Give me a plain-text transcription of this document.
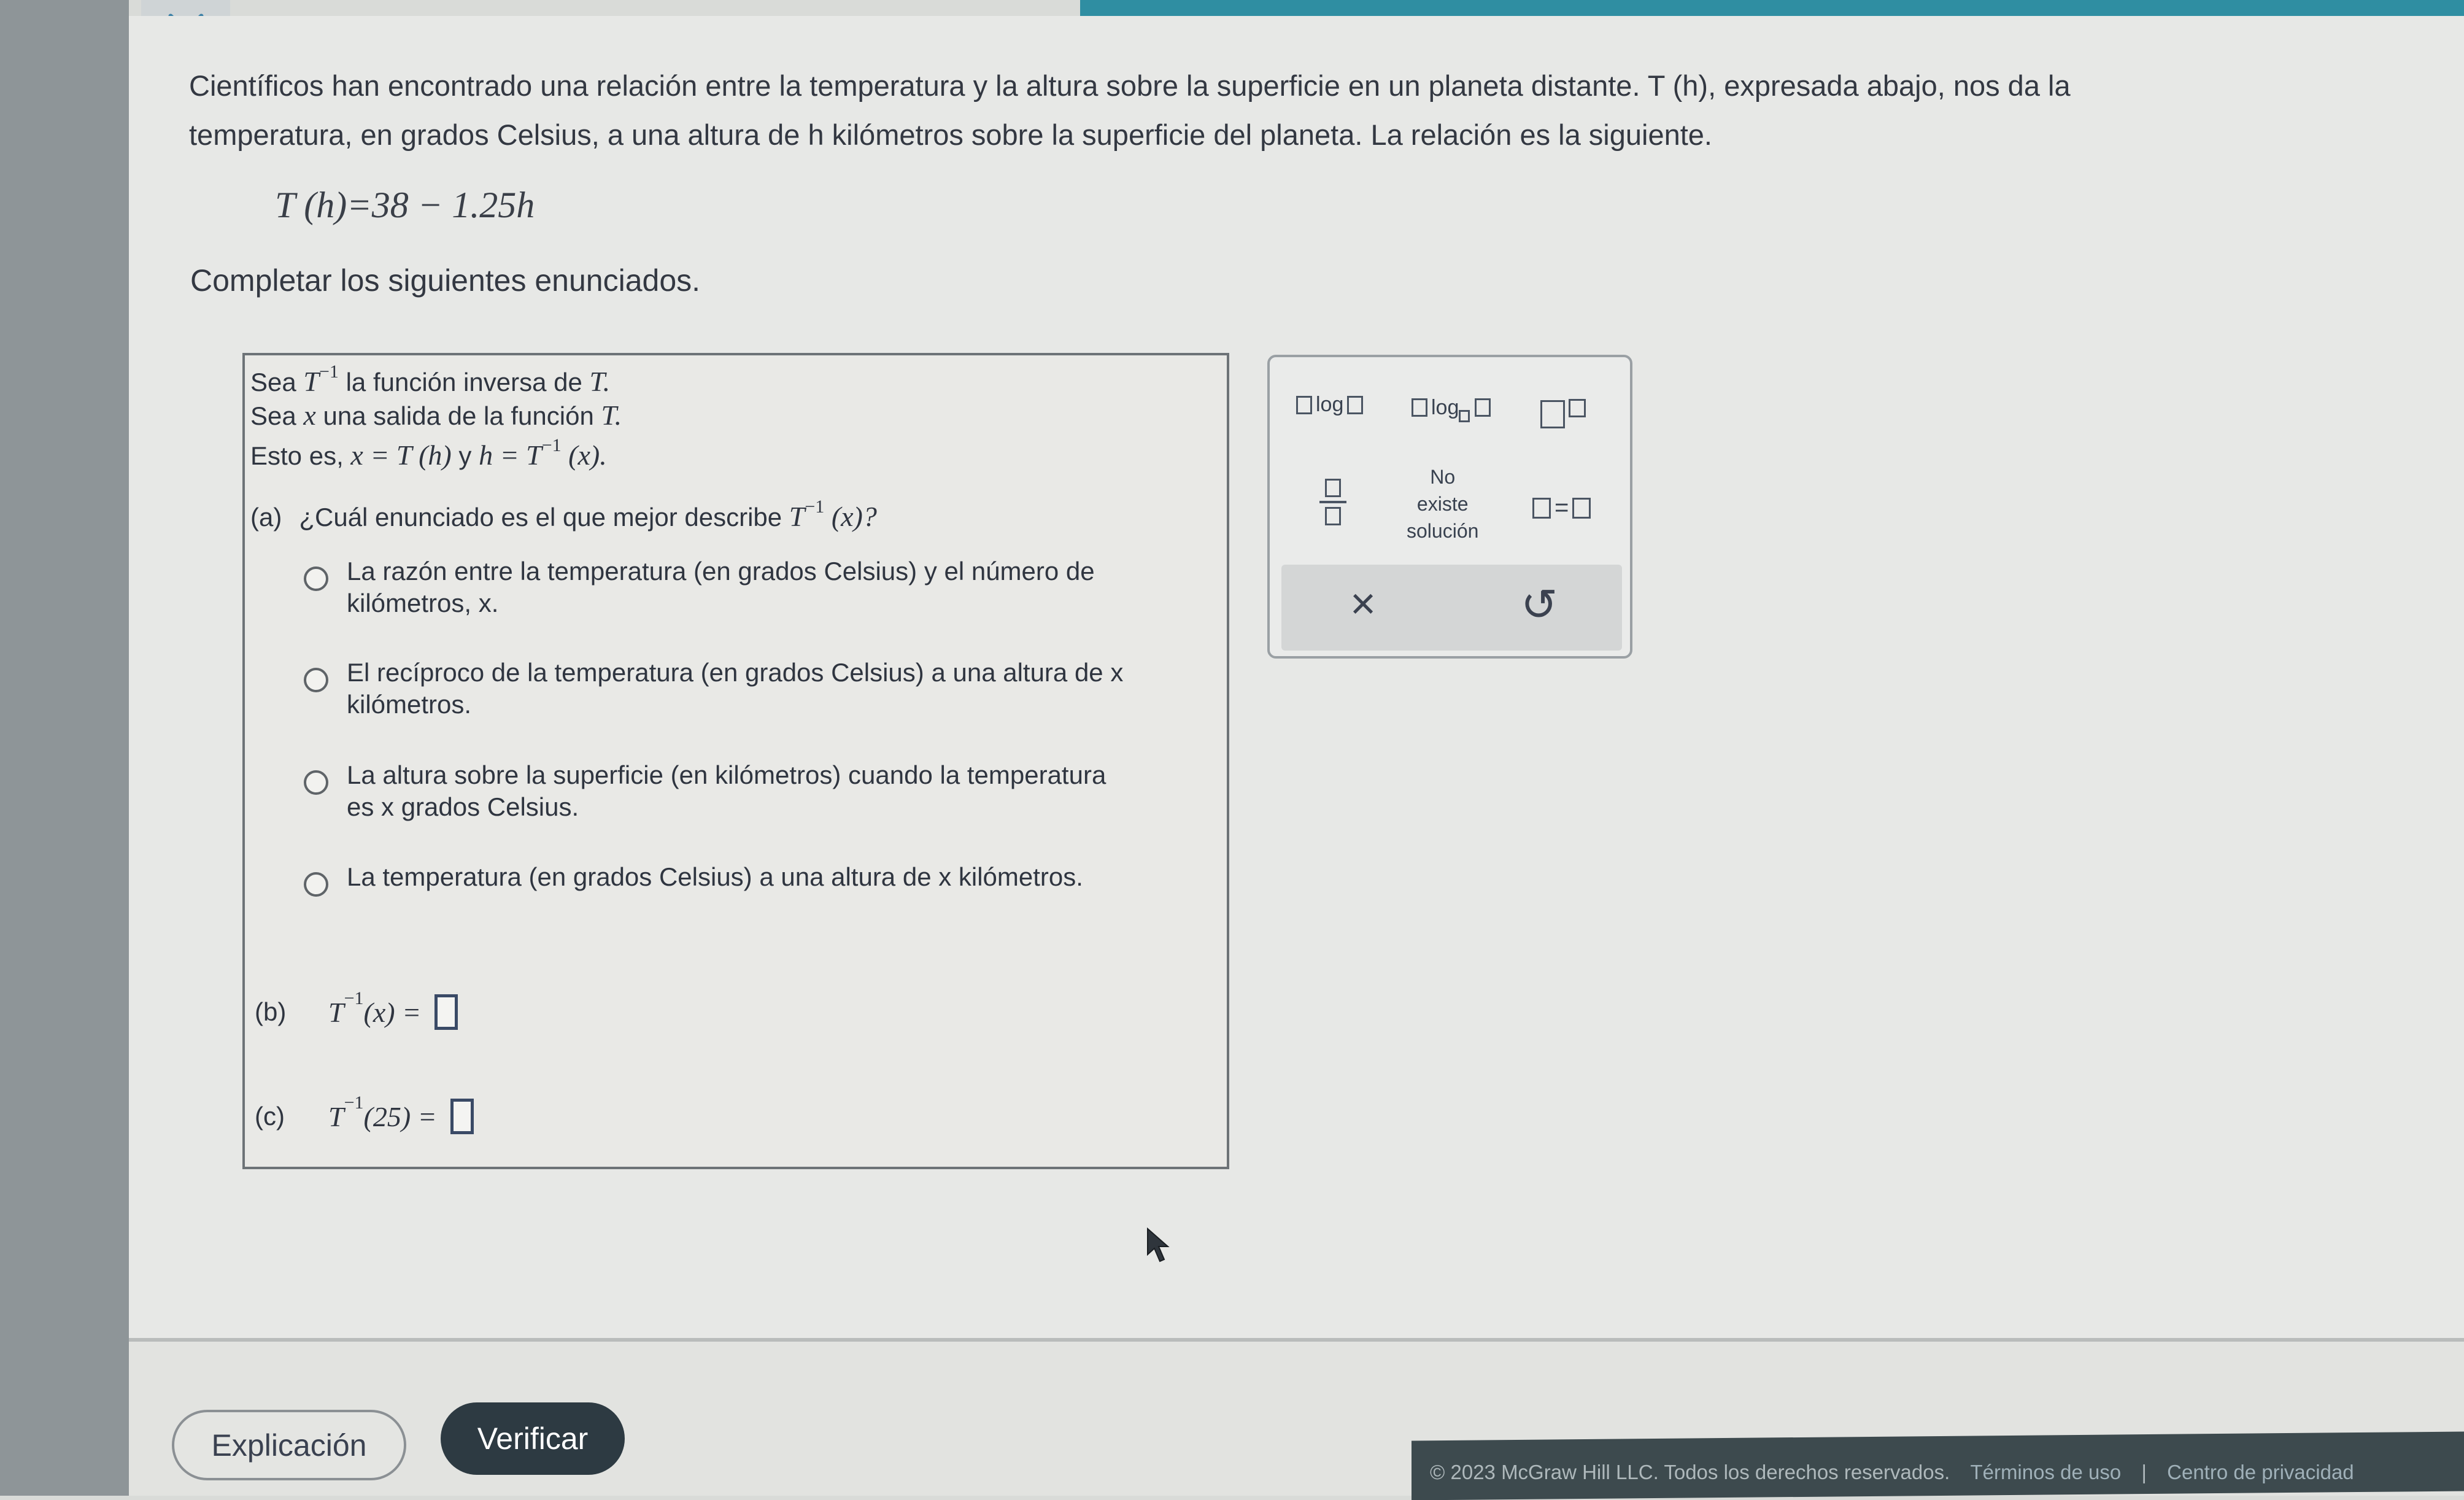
Científicos han encontrado una relación entre la temperatura y la altura sobre la superficie en un planeta distante. T (h), expresada abajo, nos da la
temperatura, en grados Celsius, a una altura de h kilómetros sobre la superficie del planeta. La relación es la siguiente.

T (h)=38 − 1.25h

Completar los siguientes enunciados.

Sea $T^{-1}$ la función inversa de T.
Sea x una salida de la función T.
Esto es, x = T (h) y $h = T^{-1}$ (x).
(a) ¿Cuál enunciado es el que mejor describe $T^{-1}$ (x)?
La razón entre la temperatura (en grados Celsius) y el número de
kilómetros, x.
El recíproco de la temperatura (en grados Celsius) a una altura de x
kilómetros.
La altura sobre la superficie (en kilómetros) cuando la temperatura
es x grados Celsius.
La temperatura (en grados Celsius) a una altura de x kilómetros.
(b)	T −1 (x) =
(c)	T −1 (25) =
log	log
No
existe
solución
=
×	↺
Explicación	Verificar
© 2023 McGraw Hill LLC. Todos los derechos reservados. Términos de uso | Centro de privacidad
